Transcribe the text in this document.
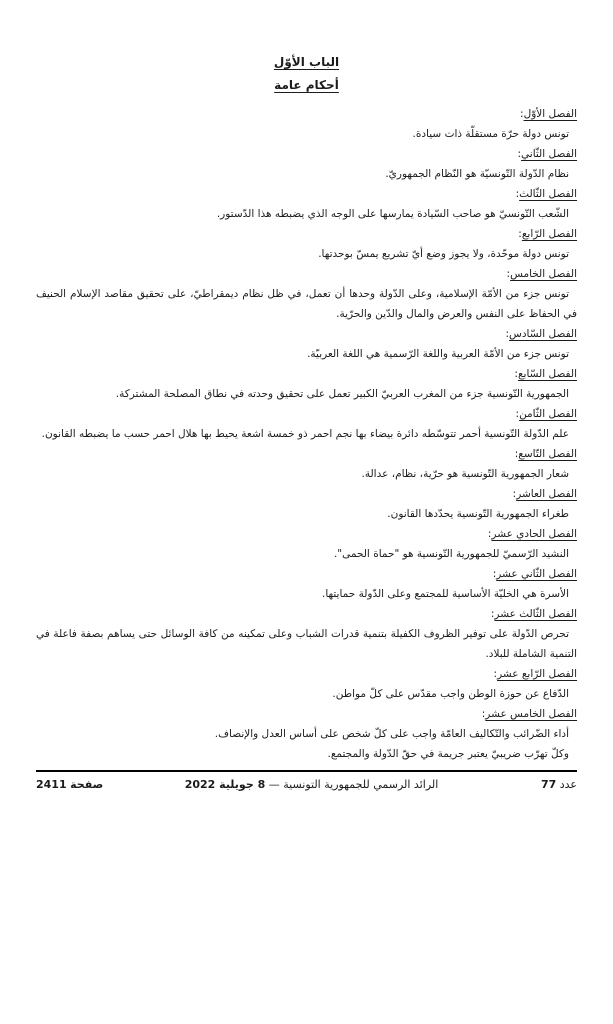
الباب الأوّل
أحكام عامة
الفصل الأوّل:

تونس دولة حرّة مستقلّة ذات سيادة.

الفصل الثّاني:

نظام الدّولة التّونسيّة هو النّظام الجمهوريّ.

الفصل الثّالث:

الشّعب التّونسيّ هو صاحب السّيادة يمارسها على الوجه الذي يضبطه هذا الدّستور.

الفصل الرّابع:

تونس دولة موحّدة، ولا يجوز وضع أيّ تشريع يمسّ بوحدتها.

الفصل الخامس:

تونس جزء من الأمّة الإسلامية، وعلى الدّولة وحدها أن تعمل، في ظل نظام ديمقراطيّ، على تحقيق مقاصد الإسلام الحنيف في الحفاظ على النفس والعرض والمال والدّين والحرّية.

الفصل السّادس:

تونس جزء من الأمّة العربية واللغة الرّسمية هي اللغة العربيّة.

الفصل السّابع:

الجمهورية التّونسية جزء من المغرب العربيّ الكبير تعمل على تحقيق وحدته في نطاق المصلحة المشتركة.

الفصل الثّامن:

علم الدّولة التّونسية أحمر تتوسّطه دائرة بيضاء بها نجم احمر ذو خمسة اشعة يحيط بها هلال احمر حسب ما يضبطه القانون.

الفصل التّاسع:

شعار الجمهورية التّونسية هو حرّية، نظام، عدالة.

الفصل العاشر:

طغراء الجمهورية التّونسية يحدّدها القانون.

الفصل الحادي عشر:

النشيد الرّسميّ للجمهورية التّونسية هو "حماة الحمى".

الفصل الثّاني عشر:

الأسرة هي الخليّة الأساسية للمجتمع وعلى الدّولة حمايتها.

الفصل الثّالث عشر:

تحرص الدّولة على توفير الظروف الكفيلة بتنمية قدرات الشباب وعلى تمكينه من كافة الوسائل حتى يساهم بصفة فاعلة في التنمية الشاملة للبلاد.

الفصل الرّابع عشر:

الدّفاع عن حوزة الوطن واجب مقدّس على كلّ مواطن.

الفصل الخامس عشر:

أداء الضّرائب والتّكاليف العامّة واجب على كلّ شخص على أساس العدل والإنصاف.

وكلّ تهرّب ضريبيّ يعتبر جريمة في حقّ الدّولة والمجتمع.

عدد 77
الرائد الرسمي للجمهورية التونسية — 8 جويلية 2022
صفحة 2411
